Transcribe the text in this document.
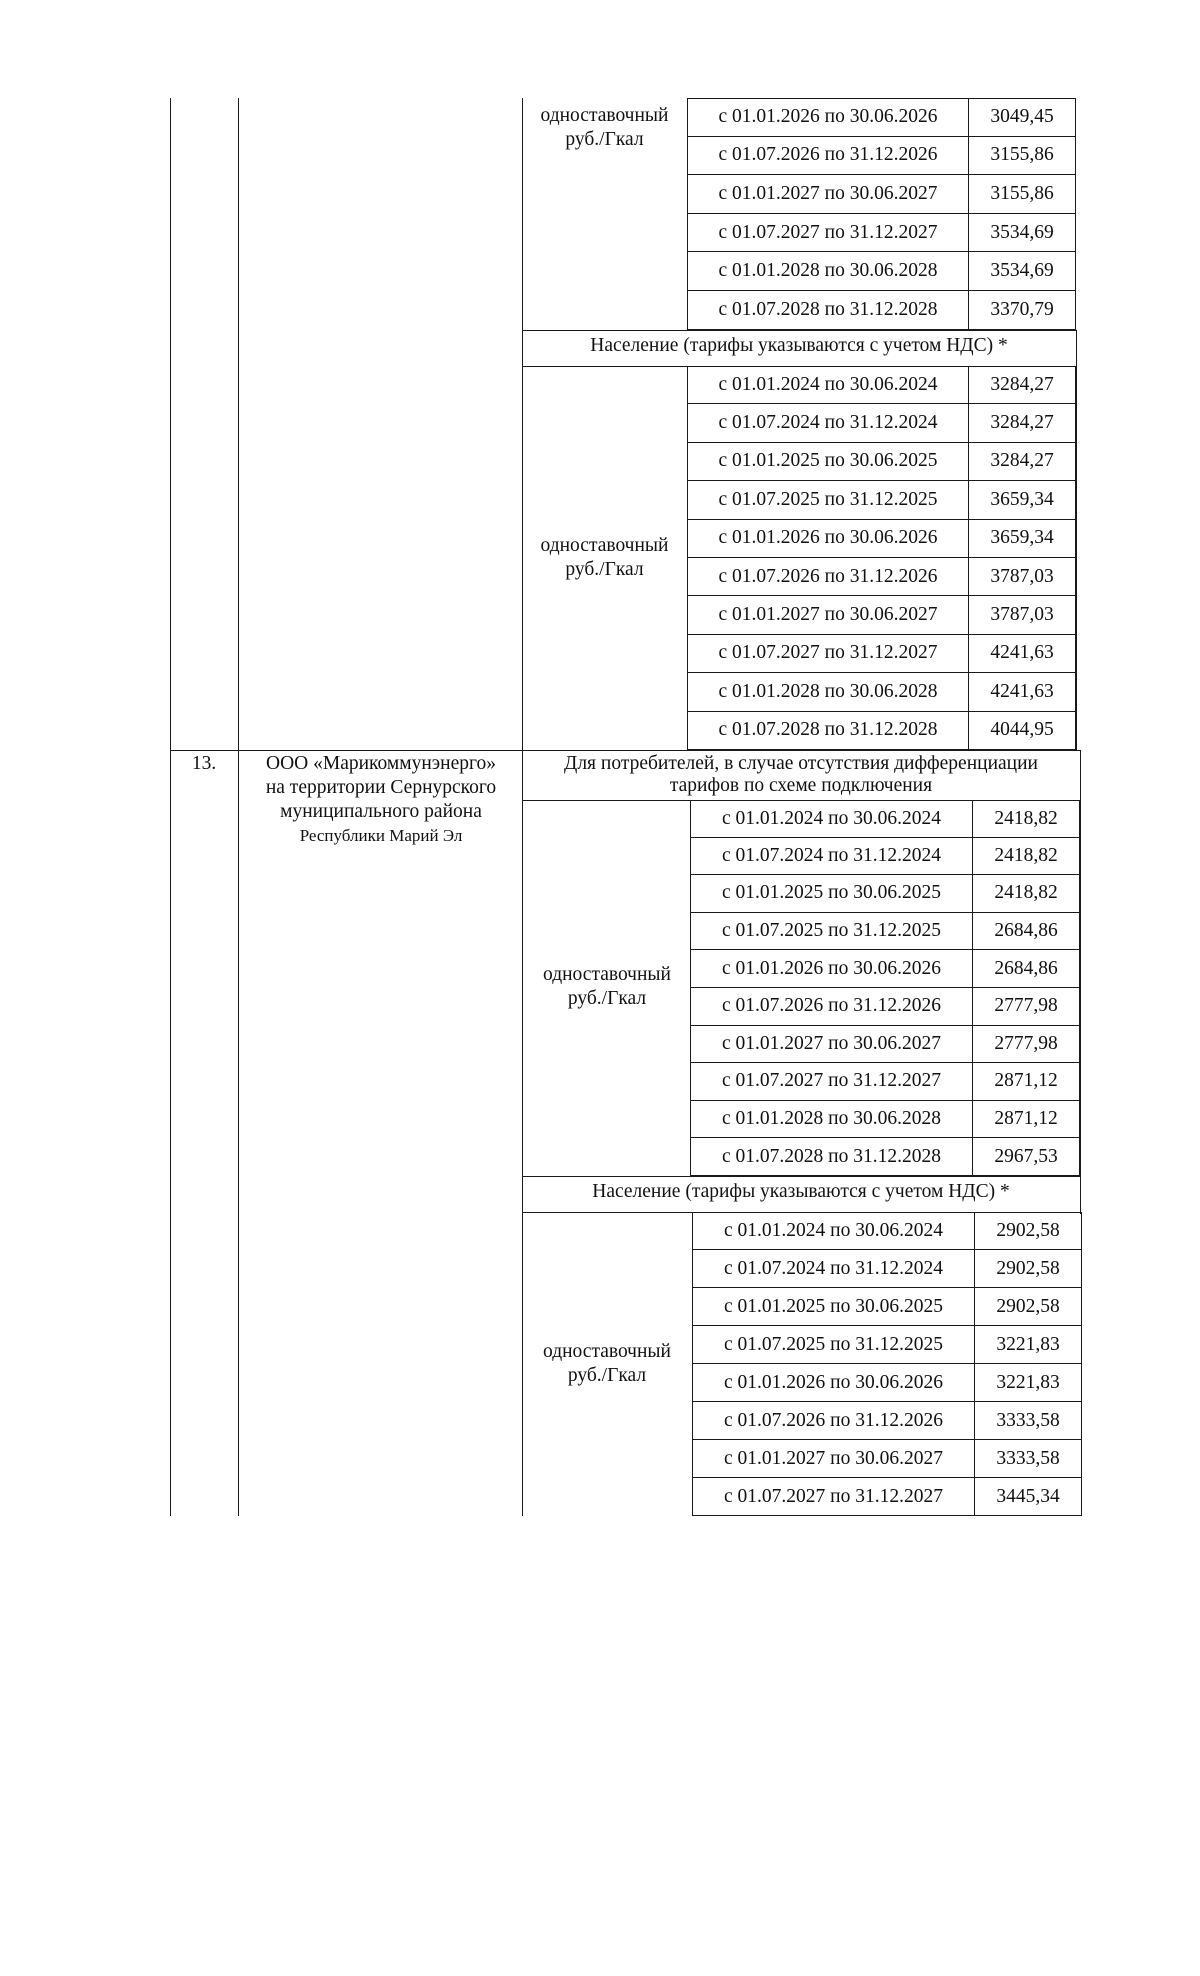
одноставочный
руб./Гкал
с 01.01.2026 по 30.06.2026	3049,45
с 01.07.2026 по 31.12.2026	3155,86
с 01.01.2027 по 30.06.2027	3155,86
с 01.07.2027 по 31.12.2027	3534,69
с 01.01.2028 по 30.06.2028	3534,69
с 01.07.2028 по 31.12.2028	3370,79
Население (тарифы указываются с учетом НДС) *
одноставочный
руб./Гкал
с 01.01.2024 по 30.06.2024	3284,27
с 01.07.2024 по 31.12.2024	3284,27
с 01.01.2025 по 30.06.2025	3284,27
с 01.07.2025 по 31.12.2025	3659,34
с 01.01.2026 по 30.06.2026	3659,34
с 01.07.2026 по 31.12.2026	3787,03
с 01.01.2027 по 30.06.2027	3787,03
с 01.07.2027 по 31.12.2027	4241,63
с 01.01.2028 по 30.06.2028	4241,63
с 01.07.2028 по 31.12.2028	4044,95
13.	ООО «Марикоммунэнерго»
на территории Сернурского
муниципального района
Республики Марий Эл
Для потребителей, в случае отсутствия дифференциации
тарифов по схеме подключения
одноставочный
руб./Гкал
с 01.01.2024 по 30.06.2024	2418,82
с 01.07.2024 по 31.12.2024	2418,82
с 01.01.2025 по 30.06.2025	2418,82
с 01.07.2025 по 31.12.2025	2684,86
с 01.01.2026 по 30.06.2026	2684,86
с 01.07.2026 по 31.12.2026	2777,98
с 01.01.2027 по 30.06.2027	2777,98
с 01.07.2027 по 31.12.2027	2871,12
с 01.01.2028 по 30.06.2028	2871,12
с 01.07.2028 по 31.12.2028	2967,53
Население (тарифы указываются с учетом НДС) *
одноставочный
руб./Гкал
с 01.01.2024 по 30.06.2024	2902,58
с 01.07.2024 по 31.12.2024	2902,58
с 01.01.2025 по 30.06.2025	2902,58
с 01.07.2025 по 31.12.2025	3221,83
с 01.01.2026 по 30.06.2026	3221,83
с 01.07.2026 по 31.12.2026	3333,58
с 01.01.2027 по 30.06.2027	3333,58
с 01.07.2027 по 31.12.2027	3445,34
